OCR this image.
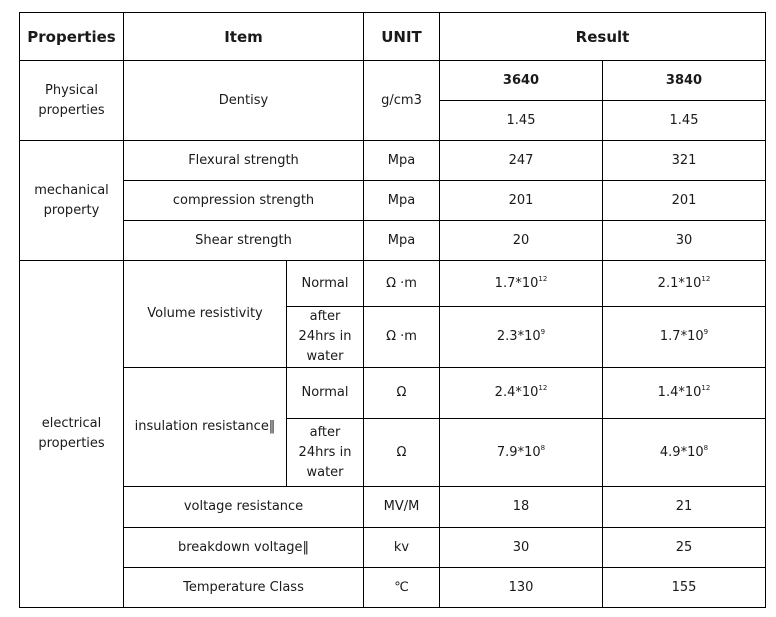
Properties	Item		UNIT	Result	
Physical properties	Dentisy		g/cm3	3640	3840
				1.45	1.45
mechanical property	Flexural strength		Mpa	247	321
	compression strength		Mpa	201	201
	Shear strength		Mpa	20	30
electrical properties	Volume resistivity	Normal	Ω ·m	$1.7*10^{12}$	$2.1*10^{12}$
		after 24hrs in water	Ω ·m	$2.3*10^9$	$1.7*10^9$
	insulation resistance‖	Normal	Ω	$2.4*10^{12}$	$1.4*10^{12}$
		after 24hrs in water	Ω	$7.9*10^8$	$4.9*10^8$
	voltage resistance		MV/M	18	21
	breakdown voltage‖		kv	30	25
	Temperature Class		℃	130	155
